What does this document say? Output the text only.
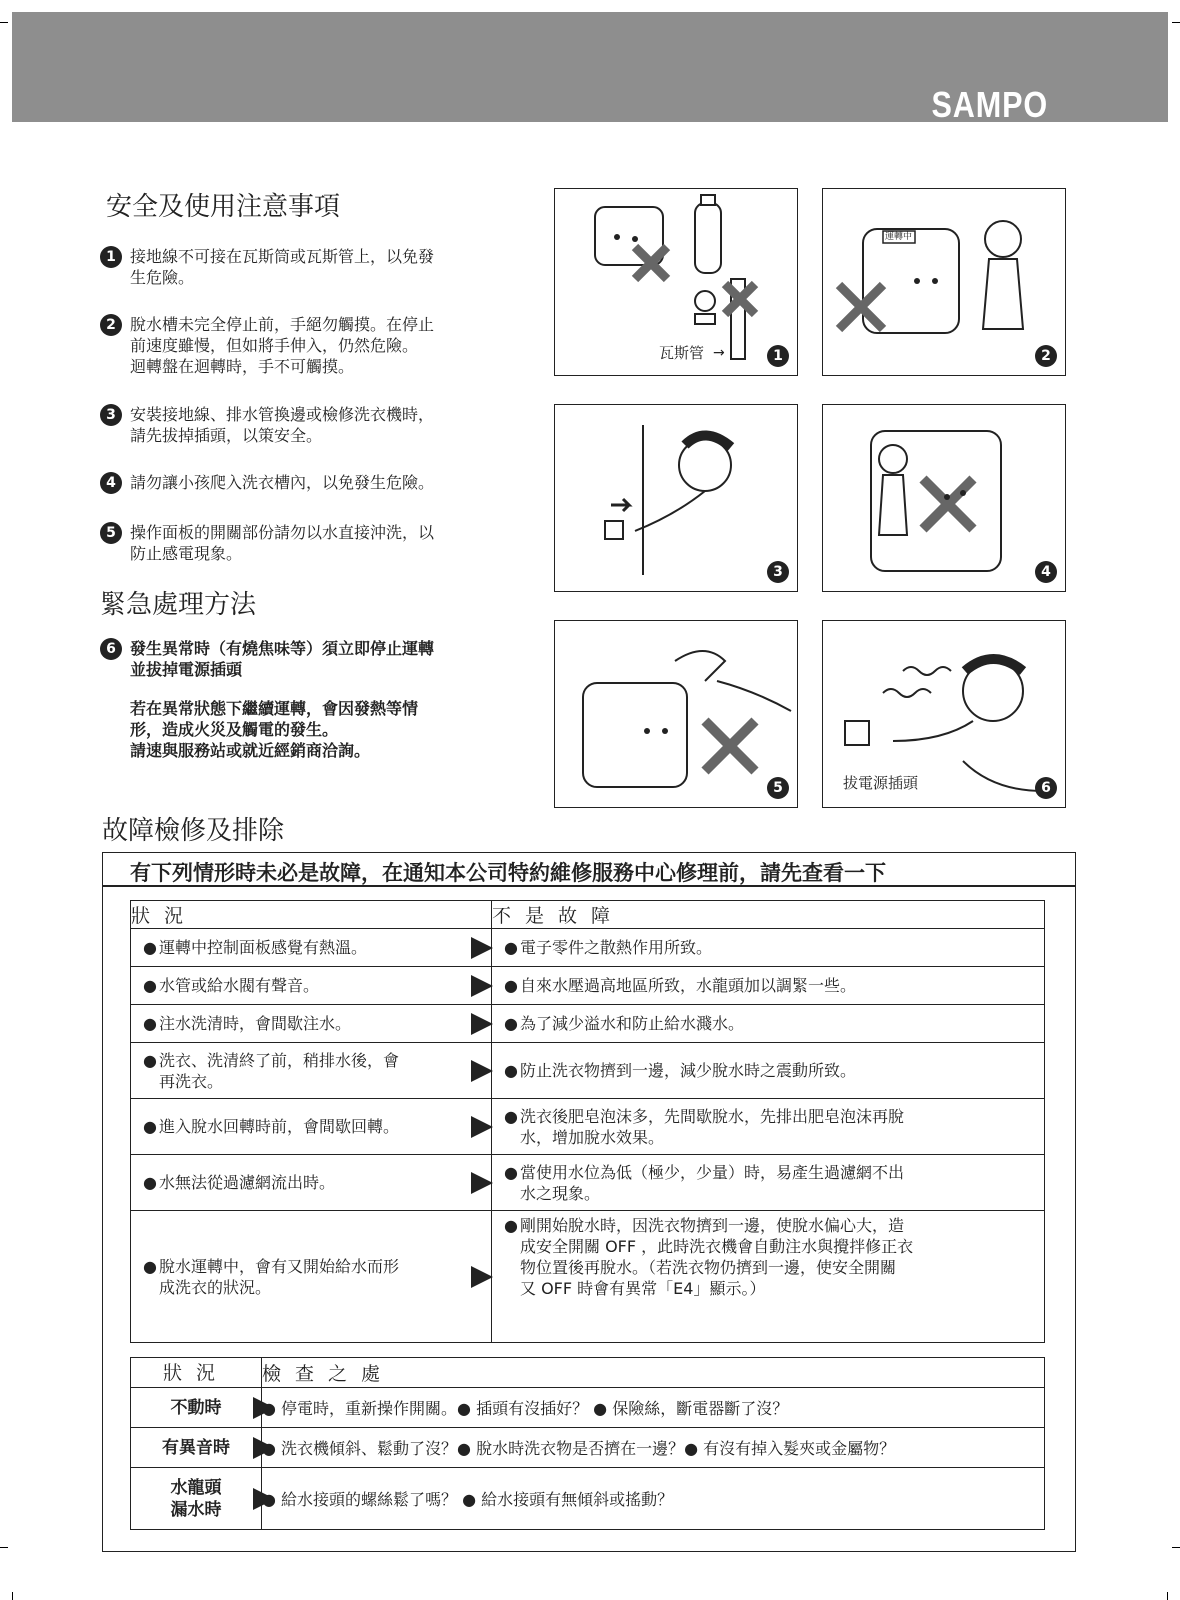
SAMPO
安全及使用注意事項
1 接地線不可接在瓦斯筒或瓦斯管上，以免發
生危險。
2 脫水槽未完全停止前，手絕勿觸摸。在停止
前速度雖慢，但如將手伸入，仍然危險。
迴轉盤在迴轉時，手不可觸摸。
3 安裝接地線、排水管換邊或檢修洗衣機時，
請先拔掉插頭，以策安全。
4 請勿讓小孩爬入洗衣槽內，以免發生危險。
5 操作面板的開關部份請勿以水直接沖洗，以
防止感電現象。
緊急處理方法
6 發生異常時（有燒焦味等）須立即停止運轉
並拔掉電源插頭
若在異常狀態下繼續運轉，會因發熱等情
形，造成火災及觸電的發生。
請速與服務站或就近經銷商洽詢。
瓦斯管 →	1
運轉中
2
3	4
5	拔電源插頭	6
故障檢修及排除
有下列情形時未必是故障，在通知本公司特約維修服務中心修理前，請先查看一下
狀況	不是故障

● 運轉中控制面板感覺有熱溫。	● 電子零件之散熱作用所致。

● 水管或給水閥有聲音。	● 自來水壓過高地區所致，水龍頭加以調緊一些。

● 注水洗清時，會間歇注水。	● 為了減少溢水和防止給水濺水。

● 洗衣、洗清終了前，稍排水後，會
再洗衣。	● 防止洗衣物擠到一邊，減少脫水時之震動所致。

● 進入脫水回轉時前，會間歇回轉。	● 洗衣後肥皂泡沫多，先間歇脫水，先排出肥皂泡沫再脫
水，增加脫水效果。

● 水無法從過濾網流出時。	● 當使用水位為低（極少，少量）時，易產生過濾網不出
水之現象。

● 脫水運轉中，會有又開始給水而形
成洗衣的狀況。	● 剛開始脫水時，因洗衣物擠到一邊，使脫水偏心大，造
成安全開關 OFF ，此時洗衣機會自動注水與攪拌修正衣
物位置後再脫水。（若洗衣物仍擠到一邊，使安全開關
又 OFF 時會有異常「E4」顯示。）
狀況	檢查之處
不動時	● 停電時，重新操作開關。● 插頭有沒插好？ ● 保險絲，斷電器斷了沒？
有異音時	● 洗衣機傾斜、鬆動了沒？● 脫水時洗衣物是否擠在一邊？● 有沒有掉入髮夾或金屬物？

水龍頭
漏水時	● 給水接頭的螺絲鬆了嗎？ ● 給水接頭有無傾斜或搖動？
